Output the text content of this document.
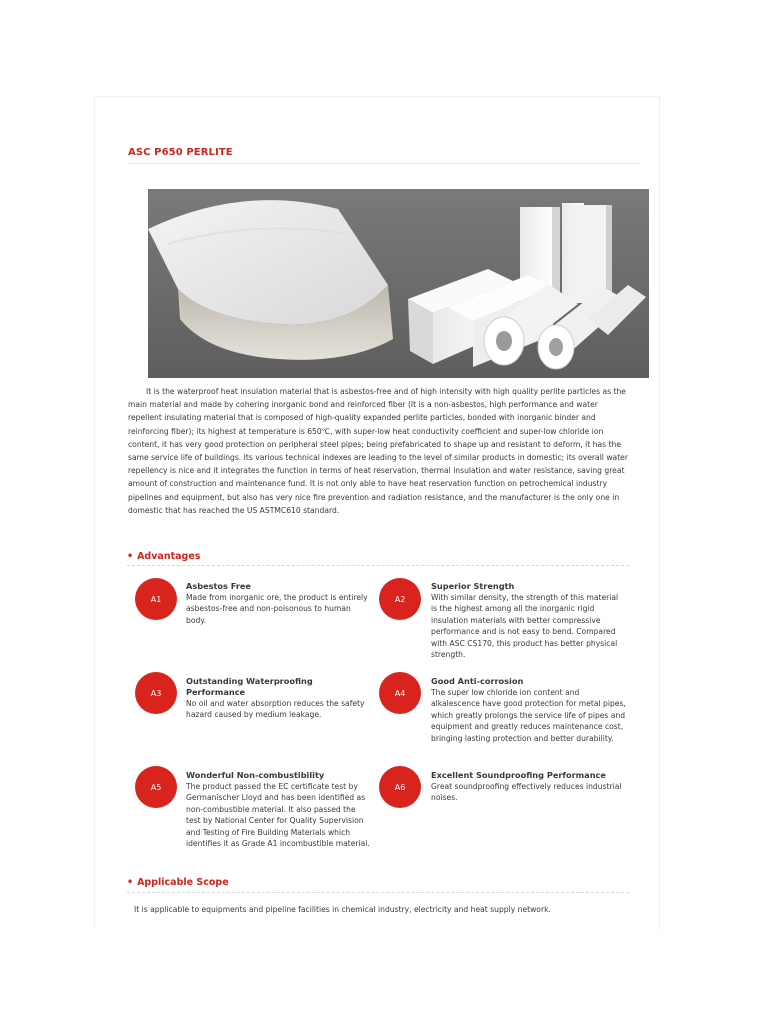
ASC P650 PERLITE

It is the waterproof heat insulation material that is asbestos-free and of high intensity with high quality perlite particles as the main material and made by cohering inorganic bond and reinforced fiber (It is a non-asbestos, high performance and water repellent insulating material that is composed of high-quality expanded perlite particles, bonded with inorganic binder and reinforcing fiber); its highest at temperature is 650℃, with super-low heat conductivity coefficient and super-low chloride ion content, it has very good protection on peripheral steel pipes; being prefabricated to shape up and resistant to deform, it has the same service life of buildings. Its various technical indexes are leading to the level of similar products in domestic; its overall water repellency is nice and it integrates the function in terms of heat reservation, thermal insulation and water resistance, saving great amount of construction and maintenance fund. It is not only able to have heat reservation function on petrochemical industry pipelines and equipment, but also has very nice fire prevention and radiation resistance, and the manufacturer is the only one in domestic that has reached the US ASTMC610 standard.

• Advantages
A1
Asbestos Free
Made from inorganic ore, the product is entirely asbestos-free and non-poisonous to human body.
A2
Superior Strength
With similar density, the strength of this material is the highest among all the inorganic rigid insulation materials with better compressive performance and is not easy to bend. Compared with ASC CS170, this product has better physical strength.
A3
Outstanding Waterproofing Performance
No oil and water absorption reduces the safety hazard caused by medium leakage.
A4
Good Anti-corrosion
The super low chloride ion content and alkalescence have good protection for metal pipes, which greatly prolongs the service life of pipes and equipment and greatly reduces maintenance cost, bringing lasting protection and better durability.
A5
Wonderful Non-combustibility
The product passed the EC certificate test by Germanischer Lloyd and has been identified as non-combustible material. It also passed the test by National Center for Quality Supervision and Testing of Fire Building Materials which identifies it as Grade A1 incombustible material.
A6
Excellent Soundproofing Performance
Great soundproofing effectively reduces industrial noises.
• Applicable Scope
It is applicable to equipments and pipeline facilities in chemical industry, electricity and heat supply network.
